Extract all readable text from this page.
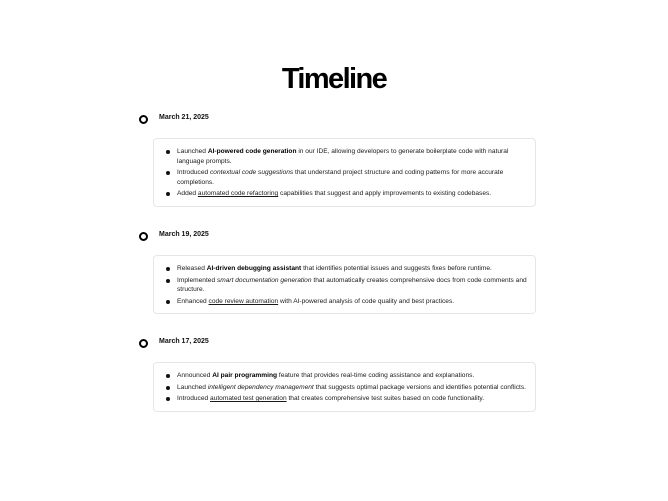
Timeline
March 21, 2025
Launched AI-powered code generation in our IDE, allowing developers to generate boilerplate code with natural language prompts.
Introduced contextual code suggestions that understand project structure and coding patterns for more accurate completions.
Added automated code refactoring capabilities that suggest and apply improvements to existing codebases.
March 19, 2025
Released AI-driven debugging assistant that identifies potential issues and suggests fixes before runtime.
Implemented smart documentation generation that automatically creates comprehensive docs from code comments and structure.
Enhanced code review automation with AI-powered analysis of code quality and best practices.
March 17, 2025
Announced AI pair programming feature that provides real-time coding assistance and explanations.
Launched intelligent dependency management that suggests optimal package versions and identifies potential conflicts.
Introduced automated test generation that creates comprehensive test suites based on code functionality.
